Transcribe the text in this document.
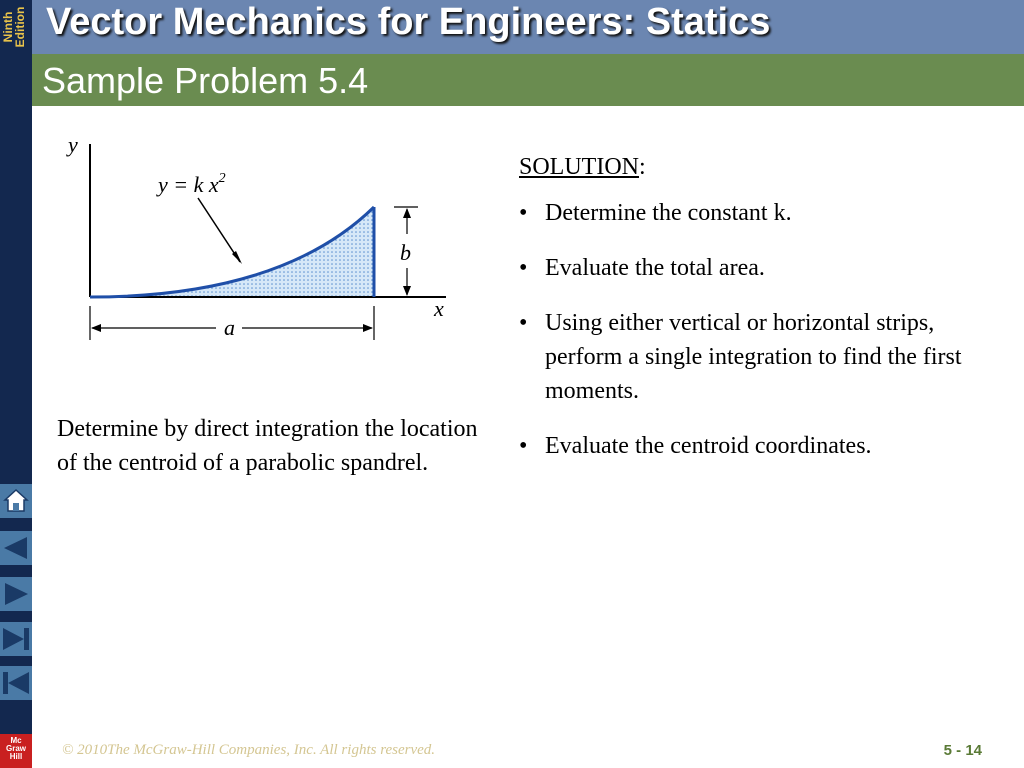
Ninth
Edition
Mc
Graw
Hill
Vector Mechanics for Engineers: Statics
Sample Problem 5.4
y
x
y = k $x^2$
b
a

Determine by direct integration the location of the centroid of a parabolic spandrel.

SOLUTION:

• Determine the constant k.
• Evaluate the total area.
• Using either vertical or horizontal strips, perform a single integration to find the first moments.
• Evaluate the centroid coordinates.
© 2010The McGraw-Hill Companies, Inc. All rights reserved.	5 - 14
